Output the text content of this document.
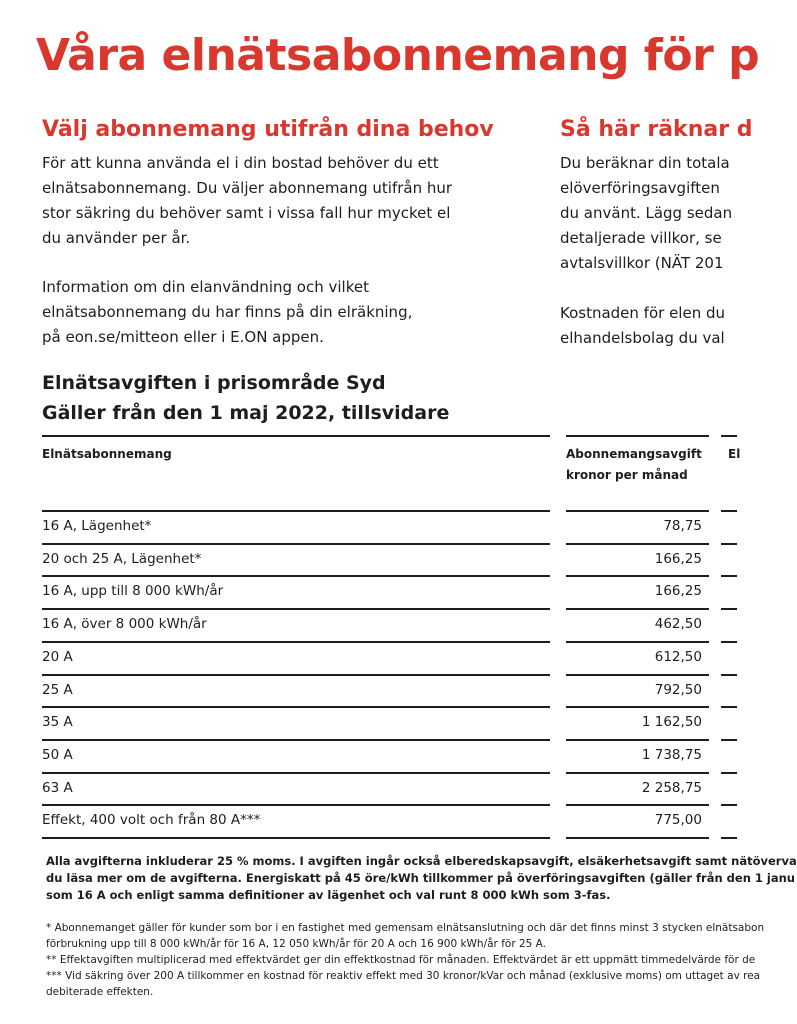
Våra elnätsabonnemang för p
Välj abonnemang utifrån dina behov
För att kunna använda el i din bostad behöver du ett
elnätsabonnemang. Du väljer abonnemang utifrån hur
stor säkring du behöver samt i vissa fall hur mycket el
du använder per år.
Information om din elanvändning och vilket
elnätsabonnemang du har finns på din elräkning,
på eon.se/mitteon eller i E.ON appen.
Så här räknar d
Du beräknar din totala
elöverföringsavgiften
du använt. Lägg sedan
detaljerade villkor, se
avtalsvillkor (NÄT 201
Kostnaden för elen du
elhandelsbolag du val
Elnätsavgiften i prisområde Syd
Gäller från den 1 maj 2022, tillsvidare
Elnätsabonnemang	Abonnemangsavgift
kronor per månad
El
16 A, Lägenhet*	78,75
20 och 25 A, Lägenhet*	166,25
16 A, upp till 8 000 kWh/år	166,25
16 A, över 8 000 kWh/år	462,50
20 A	612,50
25 A	792,50
35 A	1 162,50
50 A	1 738,75
63 A	2 258,75
Effekt, 400 volt och från 80 A***	775,00
Alla avgifterna inkluderar 25 % moms. I avgiften ingår också elberedskapsavgift, elsäkerhetsavgift samt nätöverva
du läsa mer om de avgifterna. Energiskatt på 45 öre/kWh tillkommer på överföringsavgiften (gäller från den 1 janu
som 16 A och enligt samma definitioner av lägenhet och val runt 8 000 kWh som 3-fas.
* Abonnemanget gäller för kunder som bor i en fastighet med gemensam elnätsanslutning och där det finns minst 3 stycken elnätsabon
förbrukning upp till 8 000 kWh/år för 16 A, 12 050 kWh/år för 20 A och 16 900 kWh/år för 25 A.
** Effektavgiften multiplicerad med effektvärdet ger din effektkostnad för månaden. Effektvärdet är ett uppmätt timmedelvärde för de
*** Vid säkring över 200 A tillkommer en kostnad för reaktiv effekt med 30 kronor/kVar och månad (exklusive moms) om uttaget av rea
debiterade effekten.
